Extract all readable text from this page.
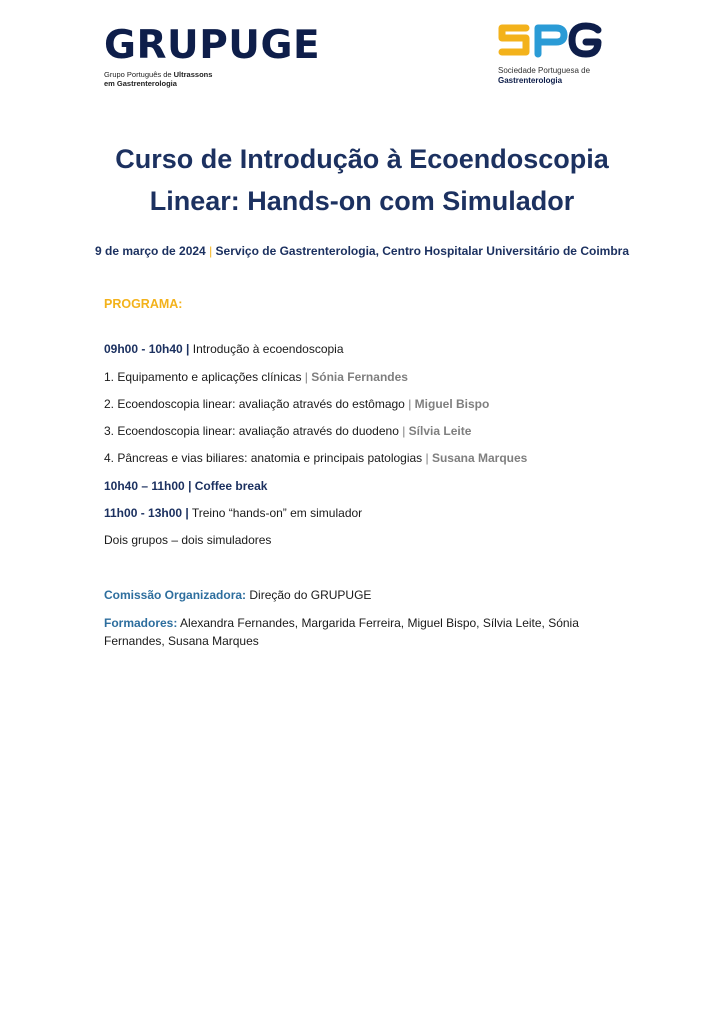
GRUPUGE
Grupo Português de Ultrassons
em Gastrenterologia
Sociedade Portuguesa de
Gastrenterologia
Curso de Introdução à Ecoendoscopia
Linear: Hands-on com Simulador
9 de março de 2024 | Serviço de Gastrenterologia, Centro Hospitalar Universitário de Coimbra
PROGRAMA:
09h00 - 10h40 | Introdução à ecoendoscopia
1. Equipamento e aplicações clínicas | Sónia Fernandes
2. Ecoendoscopia linear: avaliação através do estômago | Miguel Bispo
3. Ecoendoscopia linear: avaliação através do duodeno | Sílvia Leite
4. Pâncreas e vias biliares: anatomia e principais patologias | Susana Marques
10h40 – 11h00 | Coffee break
11h00 - 13h00 | Treino “hands-on” em simulador
Dois grupos – dois simuladores
Comissão Organizadora: Direção do GRUPUGE
Formadores: Alexandra Fernandes, Margarida Ferreira, Miguel Bispo, Sílvia Leite, Sónia Fernandes, Susana Marques
